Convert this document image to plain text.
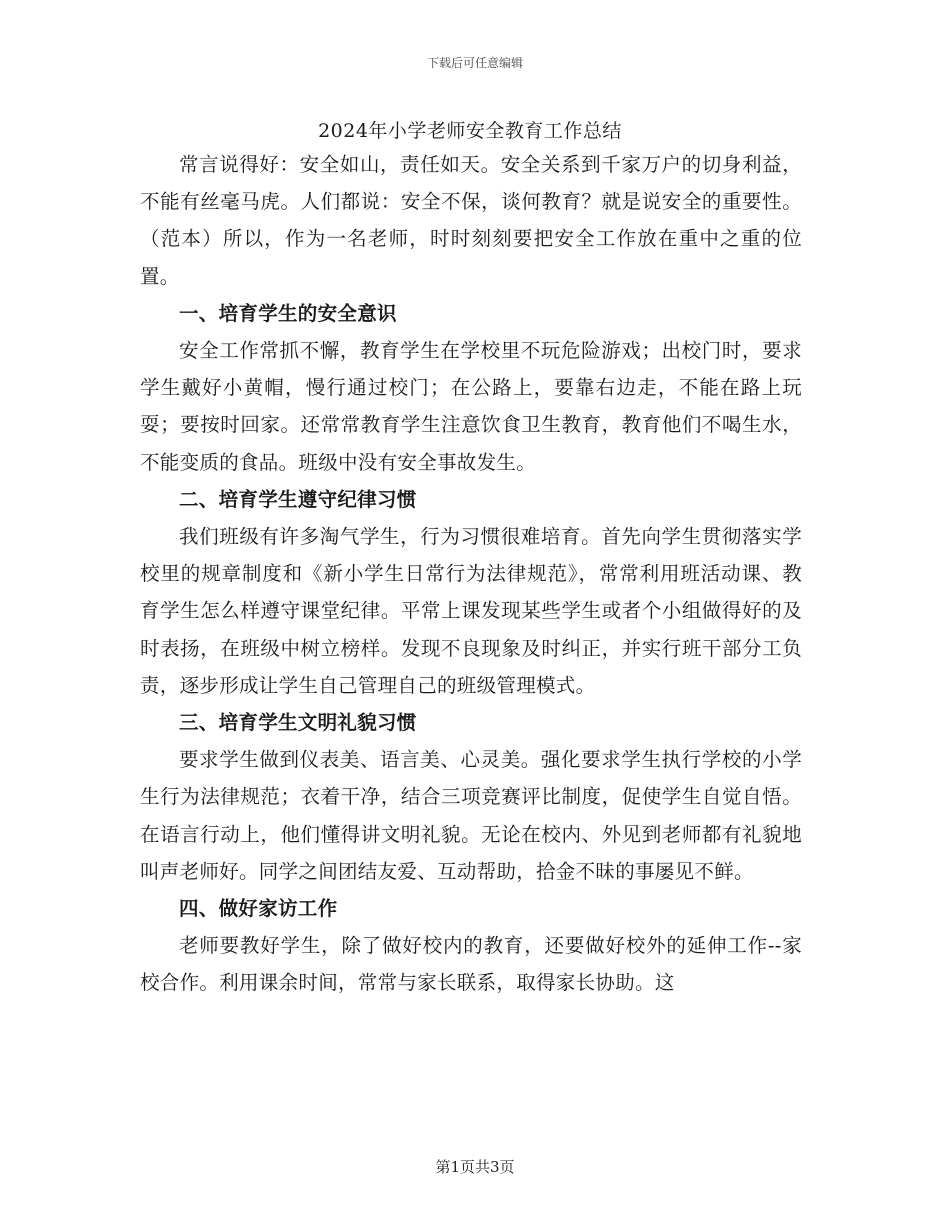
下载后可任意编辑
2024年小学老师安全教育工作总结

常言说得好：安全如山，责任如天。安全关系到千家万户的切身利益，不能有丝毫马虎。人们都说：安全不保，谈何教育？就是说安全的重要性。（范本）所以，作为一名老师，时时刻刻要把安全工作放在重中之重的位置。

一、培育学生的安全意识

安全工作常抓不懈，教育学生在学校里不玩危险游戏；出校门时，要求学生戴好小黄帽，慢行通过校门；在公路上，要靠右边走，不能在路上玩耍；要按时回家。还常常教育学生注意饮食卫生教育，教育他们不喝生水，不能变质的食品。班级中没有安全事故发生。

二、培育学生遵守纪律习惯

我们班级有许多淘气学生，行为习惯很难培育。首先向学生贯彻落实学校里的规章制度和《新小学生日常行为法律规范》，常常利用班活动课、教育学生怎么样遵守课堂纪律。平常上课发现某些学生或者个小组做得好的及时表扬，在班级中树立榜样。发现不良现象及时纠正，并实行班干部分工负责，逐步形成让学生自己管理自己的班级管理模式。

三、培育学生文明礼貌习惯

要求学生做到仪表美、语言美、心灵美。强化要求学生执行学校的小学生行为法律规范；衣着干净，结合三项竞赛评比制度，促使学生自觉自悟。在语言行动上，他们懂得讲文明礼貌。无论在校内、外见到老师都有礼貌地叫声老师好。同学之间团结友爱、互动帮助，拾金不昧的事屡见不鲜。

四、做好家访工作

老师要教好学生，除了做好校内的教育，还要做好校外的延伸工作--家校合作。利用课余时间，常常与家长联系，取得家长协助。这

第1页共3页
